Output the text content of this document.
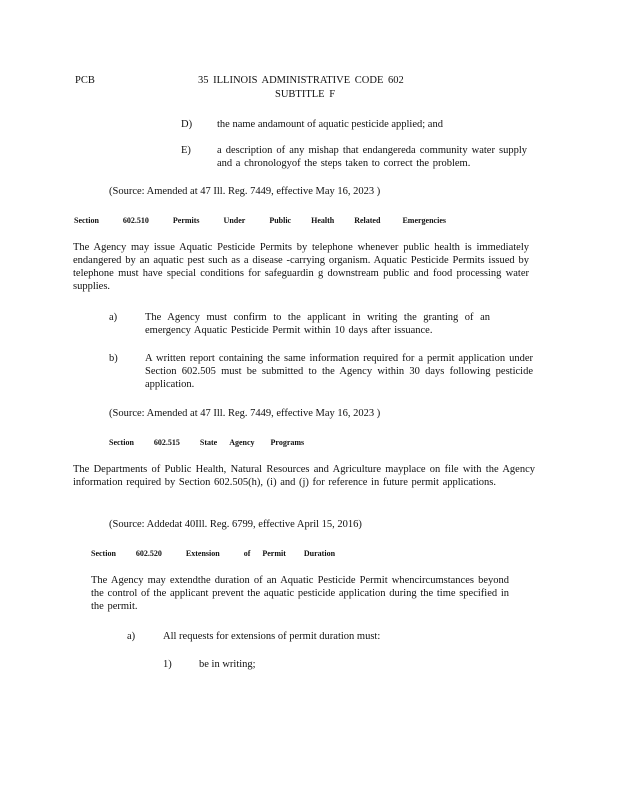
PCB	35 ILLINOIS ADMINISTRATIVE CODE 602
SUBTITLE F
D) the name andamount of aquatic pesticide applied; and
E) a description of any mishap that endangereda community water supply and a chronologyof the steps taken to correct the problem.
(Source: Amended at 47 Ill. Reg. 7449, effective May 16, 2023 )
Section	602.510	Permits	Under	Public	Health	Related	Emergencies
The Agency may issue Aquatic Pesticide Permits by telephone whenever public health is immediately endangered by an aquatic pest such as a disease -carrying organism. Aquatic Pesticide Permits issued by telephone must have special conditions for safeguardin g downstream public and food processing water supplies.
a)	The Agency must confirm to the applicant in writing the granting of an emergency Aquatic Pesticide Permit within 10 days after issuance.
b)	A written report containing the same information required for a permit application under Section 602.505 must be submitted to the Agency within 30 days following pesticide application.
(Source: Amended at 47 Ill. Reg. 7449, effective May 16, 2023 )
Section	602.515	State Agency Programs
The Departments of Public Health, Natural Resources and Agriculture mayplace on file with the Agency information required by Section 602.505(h), (i) and (j) for reference in future permit applications.
(Source: Addedat 40Ill. Reg. 6799, effective April 15, 2016)
Section	602.520	Extension	of Permit Duration
The Agency may extendthe duration of an Aquatic Pesticide Permit whencircumstances beyond the control of the applicant prevent the aquatic pesticide application during the time specified in the permit.
a)	All requests for extensions of permit duration must:
1)	be in writing;
